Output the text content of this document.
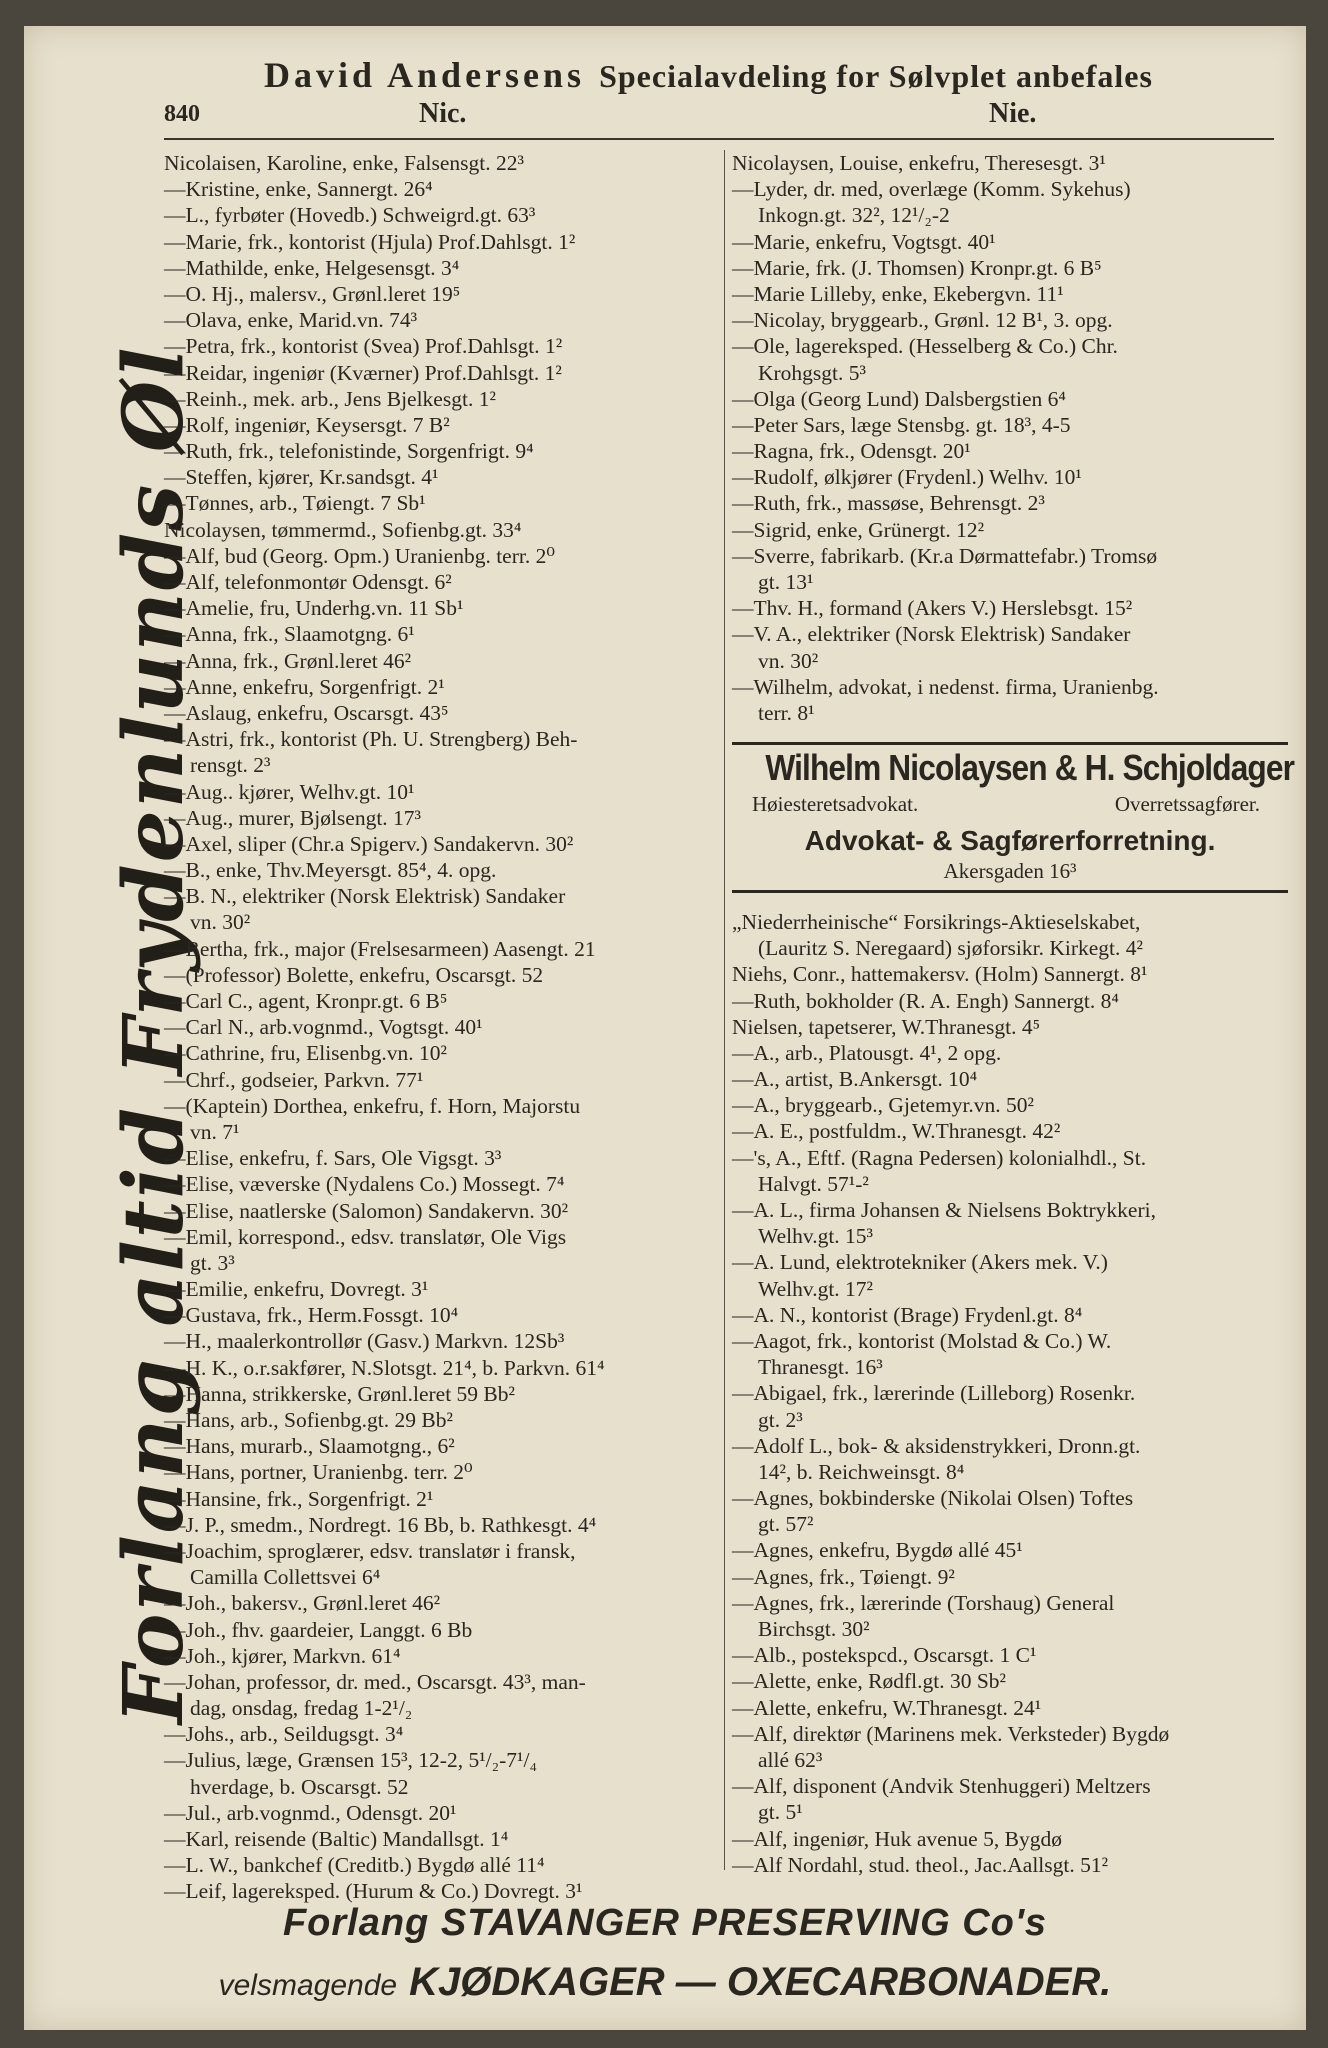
David Andersens Specialavdeling for Sølvplet anbefales
840	Nic.	Nie.
Forlang altid Frydenlunds Øl
Nicolaisen, Karoline, enke, Falsensgt. 22³
—Kristine, enke, Sannergt. 26⁴
—L., fyrbøter (Hovedb.) Schweigrd.gt. 63³
—Marie, frk., kontorist (Hjula) Prof.Dahlsgt. 1²
—Mathilde, enke, Helgesensgt. 3⁴
—O. Hj., malersv., Grønl.leret 19⁵
—Olava, enke, Marid.vn. 74³
—Petra, frk., kontorist (Svea) Prof.Dahlsgt. 1²
—Reidar, ingeniør (Kværner) Prof.Dahlsgt. 1²
—Reinh., mek. arb., Jens Bjelkesgt. 1²
—Rolf, ingeniør, Keysersgt. 7 B²
—Ruth, frk., telefonistinde, Sorgenfrigt. 9⁴
—Steffen, kjører, Kr.sandsgt. 4¹
—Tønnes, arb., Tøiengt. 7 Sb¹
Nicolaysen, tømmermd., Sofienbg.gt. 33⁴
—Alf, bud (Georg. Opm.) Uranienbg. terr. 2⁰
—Alf, telefonmontør Odensgt. 6²
—Amelie, fru, Underhg.vn. 11 Sb¹
—Anna, frk., Slaamotgng. 6¹
—Anna, frk., Grønl.leret 46²
—Anne, enkefru, Sorgenfrigt. 2¹
—Aslaug, enkefru, Oscarsgt. 43⁵
—Astri, frk., kontorist (Ph. U. Strengberg) Beh-
rensgt. 2³
—Aug.. kjører, Welhv.gt. 10¹
—Aug., murer, Bjølsengt. 17³
—Axel, sliper (Chr.a Spigerv.) Sandakervn. 30²
—B., enke, Thv.Meyersgt. 85⁴, 4. opg.
—B. N., elektriker (Norsk Elektrisk) Sandaker
vn. 30²
—Bertha, frk., major (Frelsesarmeen) Aasengt. 21
—(Professor) Bolette, enkefru, Oscarsgt. 52
—Carl C., agent, Kronpr.gt. 6 B⁵
—Carl N., arb.vognmd., Vogtsgt. 40¹
—Cathrine, fru, Elisenbg.vn. 10²
—Chrf., godseier, Parkvn. 77¹
—(Kaptein) Dorthea, enkefru, f. Horn, Majorstu
vn. 7¹
—Elise, enkefru, f. Sars, Ole Vigsgt. 3³
—Elise, væverske (Nydalens Co.) Mossegt. 7⁴
—Elise, naatlerske (Salomon) Sandakervn. 30²
—Emil, korrespond., edsv. translatør, Ole Vigs
gt. 3³
—Emilie, enkefru, Dovregt. 3¹
—Gustava, frk., Herm.Fossgt. 10⁴
—H., maalerkontrollør (Gasv.) Markvn. 12Sb³
—H. K., o.r.sakfører, N.Slotsgt. 21⁴, b. Parkvn. 61⁴
—Hanna, strikkerske, Grønl.leret 59 Bb²
—Hans, arb., Sofienbg.gt. 29 Bb²
—Hans, murarb., Slaamotgng., 6²
—Hans, portner, Uranienbg. terr. 2⁰
—Hansine, frk., Sorgenfrigt. 2¹
—J. P., smedm., Nordregt. 16 Bb, b. Rathkesgt. 4⁴
—Joachim, sproglærer, edsv. translatør i fransk,
Camilla Collettsvei 6⁴
—Joh., bakersv., Grønl.leret 46²
—Joh., fhv. gaardeier, Langgt. 6 Bb
—Joh., kjører, Markvn. 61⁴
—Johan, professor, dr. med., Oscarsgt. 43³, man-
dag, onsdag, fredag 1-2¹/₂
—Johs., arb., Seildugsgt. 3⁴
—Julius, læge, Grænsen 15³, 12-2, 5¹/₂-7¹/₄
hverdage, b. Oscarsgt. 52
—Jul., arb.vognmd., Odensgt. 20¹
—Karl, reisende (Baltic) Mandallsgt. 1⁴
—L. W., bankchef (Creditb.) Bygdø allé 11⁴
—Leif, lagereksped. (Hurum & Co.) Dovregt. 3¹
Nicolaysen, Louise, enkefru, Theresesgt. 3¹
—Lyder, dr. med, overlæge (Komm. Sykehus)
Inkogn.gt. 32², 12¹/₂-2
—Marie, enkefru, Vogtsgt. 40¹
—Marie, frk. (J. Thomsen) Kronpr.gt. 6 B⁵
—Marie Lilleby, enke, Ekebergvn. 11¹
—Nicolay, bryggearb., Grønl. 12 B¹, 3. opg.
—Ole, lagereksped. (Hesselberg & Co.) Chr.
Krohgsgt. 5³
—Olga (Georg Lund) Dalsbergstien 6⁴
—Peter Sars, læge Stensbg. gt. 18³, 4-5
—Ragna, frk., Odensgt. 20¹
—Rudolf, ølkjører (Frydenl.) Welhv. 10¹
—Ruth, frk., massøse, Behrensgt. 2³
—Sigrid, enke, Grünergt. 12²
—Sverre, fabrikarb. (Kr.a Dørmattefabr.) Tromsø
gt. 13¹
—Thv. H., formand (Akers V.) Herslebsgt. 15²
—V. A., elektriker (Norsk Elektrisk) Sandaker
vn. 30²
—Wilhelm, advokat, i nedenst. firma, Uranienbg.
terr. 8¹
Wilhelm Nicolaysen & H. Schjoldager
Høiesteretsadvokat.	Overretssagfører.
Advokat- & Sagførerforretning.
Akersgaden 16³
„Niederrheinische“ Forsikrings-Aktieselskabet,
(Lauritz S. Neregaard) sjøforsikr. Kirkegt. 4²
Niehs, Conr., hattemakersv. (Holm) Sannergt. 8¹
—Ruth, bokholder (R. A. Engh) Sannergt. 8⁴
Nielsen, tapetserer, W.Thranesgt. 4⁵
—A., arb., Platousgt. 4¹, 2 opg.
—A., artist, B.Ankersgt. 10⁴
—A., bryggearb., Gjetemyr.vn. 50²
—A. E., postfuldm., W.Thranesgt. 42²
—'s, A., Eftf. (Ragna Pedersen) kolonialhdl., St.
Halvgt. 57¹-²
—A. L., firma Johansen & Nielsens Boktrykkeri,
Welhv.gt. 15³
—A. Lund, elektrotekniker (Akers mek. V.)
Welhv.gt. 17²
—A. N., kontorist (Brage) Frydenl.gt. 8⁴
—Aagot, frk., kontorist (Molstad & Co.) W.
Thranesgt. 16³
—Abigael, frk., lærerinde (Lilleborg) Rosenkr.
gt. 2³
—Adolf L., bok- & aksidenstrykkeri, Dronn.gt.
14², b. Reichweinsgt. 8⁴
—Agnes, bokbinderske (Nikolai Olsen) Toftes
gt. 57²
—Agnes, enkefru, Bygdø allé 45¹
—Agnes, frk., Tøiengt. 9²
—Agnes, frk., lærerinde (Torshaug) General
Birchsgt. 30²
—Alb., postekspcd., Oscarsgt. 1 C¹
—Alette, enke, Rødfl.gt. 30 Sb²
—Alette, enkefru, W.Thranesgt. 24¹
—Alf, direktør (Marinens mek. Verksteder) Bygdø
allé 62³
—Alf, disponent (Andvik Stenhuggeri) Meltzers
gt. 5¹
—Alf, ingeniør, Huk avenue 5, Bygdø
—Alf Nordahl, stud. theol., Jac.Aallsgt. 51²
Forlang STAVANGER PRESERVING Co's
velsmagende KJØDKAGER — OXECARBONADER.
